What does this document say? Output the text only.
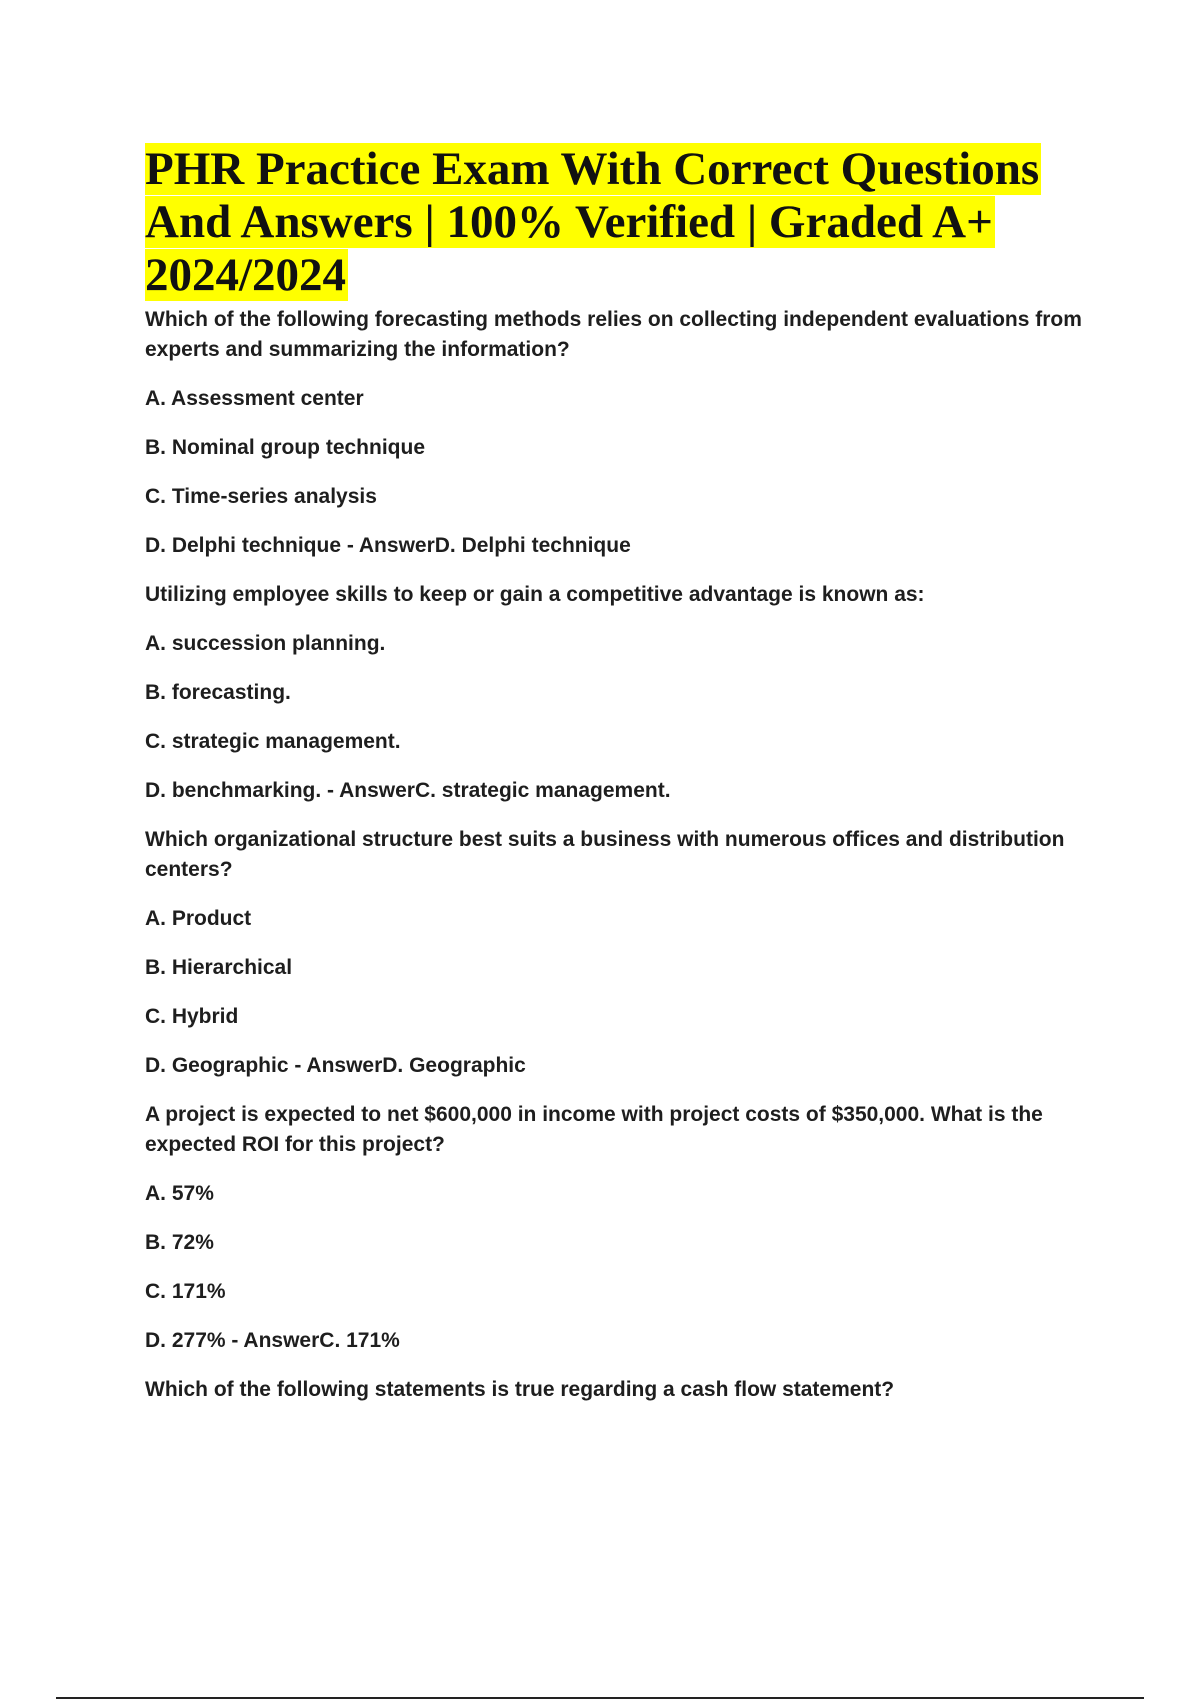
PHR Practice Exam With Correct Questions And Answers | 100% Verified | Graded A+ 2024/2024
Which of the following forecasting methods relies on collecting independent evaluations from experts and summarizing the information?
A. Assessment center
B. Nominal group technique
C. Time-series analysis
D. Delphi technique - AnswerD. Delphi technique
Utilizing employee skills to keep or gain a competitive advantage is known as:
A. succession planning.
B. forecasting.
C. strategic management.
D. benchmarking. - AnswerC. strategic management.
Which organizational structure best suits a business with numerous offices and distribution centers?
A. Product
B. Hierarchical
C. Hybrid
D. Geographic - AnswerD. Geographic
A project is expected to net $600,000 in income with project costs of $350,000. What is the expected ROI for this project?
A. 57%
B. 72%
C. 171%
D. 277% - AnswerC. 171%
Which of the following statements is true regarding a cash flow statement?
